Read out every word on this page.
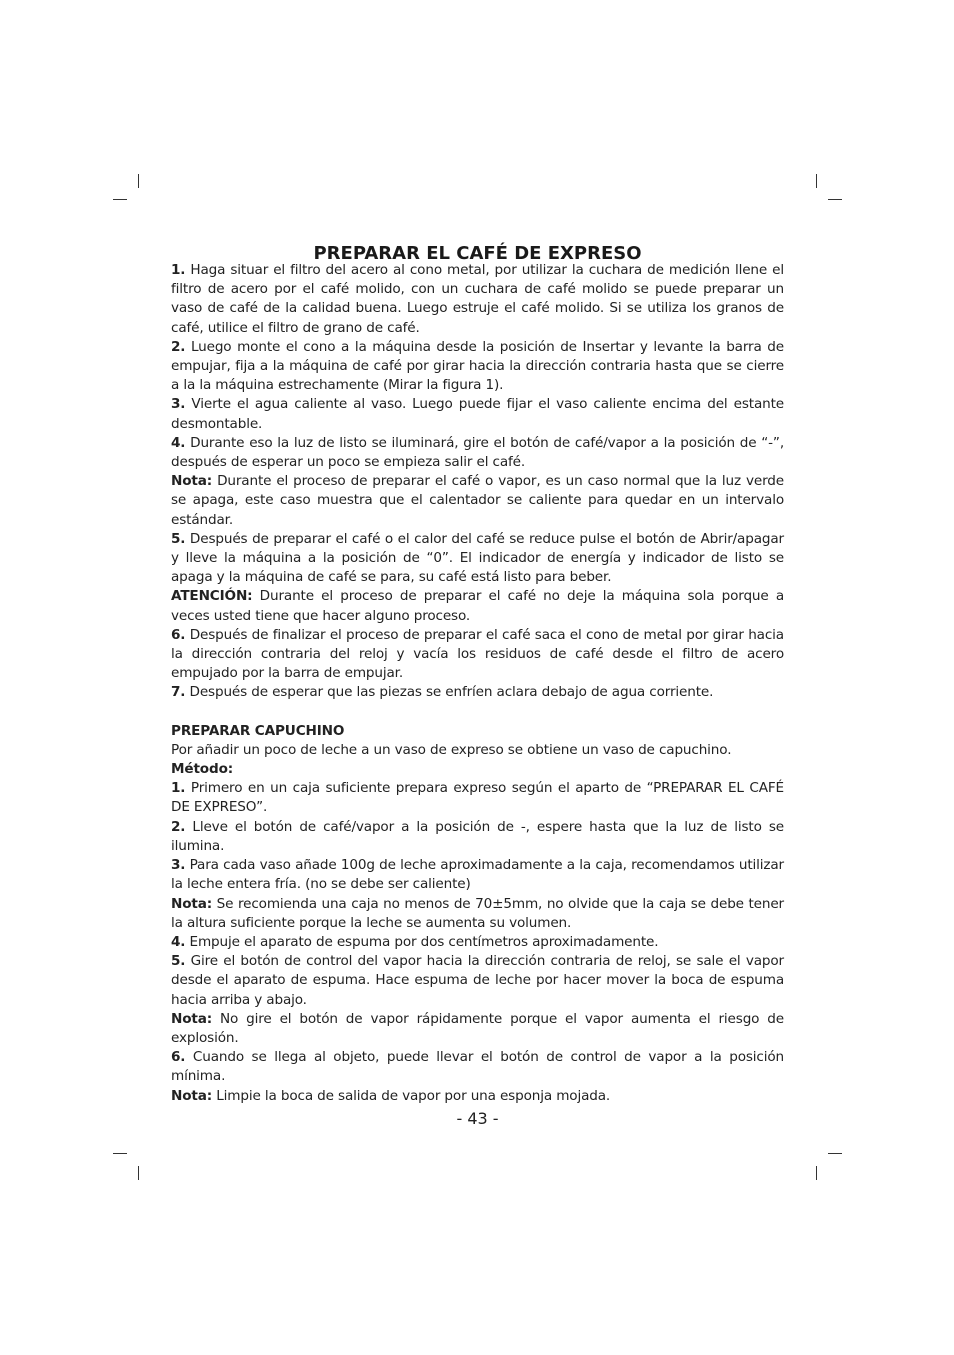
PREPARAR EL CAFÉ DE EXPRESO

1. Haga situar el filtro del acero al cono metal, por utilizar la cuchara de medición llene el filtro de acero por el café molido, con un cuchara de café molido se puede preparar un vaso de café de la calidad buena. Luego estruje el café molido. Si se utiliza los granos de café, utilice el filtro de grano de café.

2. Luego monte el cono a la máquina desde la posición de Insertar y levante la barra de empujar, fija a la máquina de café por girar hacia la dirección contraria hasta que se cierre a la la máquina estrechamente (Mirar la figura 1).

3. Vierte el agua caliente al vaso. Luego puede fijar el vaso caliente encima del estante desmontable.

4. Durante eso la luz de listo se iluminará, gire el botón de café/vapor a la posición de “-”, después de esperar un poco se empieza salir el café.

Nota: Durante el proceso de preparar el café o vapor, es un caso normal que la luz verde se apaga, este caso muestra que el calentador se caliente para quedar en un intervalo estándar.

5. Después de preparar el café o el calor del café se reduce pulse el botón de Abrir/apagar y lleve la máquina a la posición de “0”. El indicador de energía y indicador de listo se apaga y la máquina de café se para, su café está listo para beber.

ATENCIÓN: Durante el proceso de preparar el café no deje la máquina sola porque a veces usted tiene que hacer alguno proceso.

6. Después de finalizar el proceso de preparar el café saca el cono de metal por girar hacia la dirección contraria del reloj y vacía los residuos de café desde el filtro de acero empujado por la barra de empujar.

7. Después de esperar que las piezas se enfríen aclara debajo de agua corriente.

PREPARAR CAPUCHINO

Por añadir un poco de leche a un vaso de expreso se obtiene un vaso de capuchino.

Método:

1. Primero en un caja suficiente prepara expreso según el aparto de “PREPARAR EL CAFÉ DE EXPRESO”.

2. Lleve el botón de café/vapor a la posición de -, espere hasta que la luz de listo se ilumina.

3. Para cada vaso añade 100g de leche aproximadamente a la caja, recomendamos utilizar la leche entera fría. (no se debe ser caliente)

Nota: Se recomienda una caja no menos de 70±5mm, no olvide que la caja se debe tener la altura suficiente porque la leche se aumenta su volumen.

4. Empuje el aparato de espuma por dos centímetros aproximadamente.

5. Gire el botón de control del vapor hacia la dirección contraria de reloj, se sale el vapor desde el aparato de espuma. Hace espuma de leche por hacer mover la boca de espuma hacia arriba y abajo.

Nota: No gire el botón de vapor rápidamente porque el vapor aumenta el riesgo de explosión.

6. Cuando se llega al objeto, puede llevar el botón de control de vapor a la posición mínima.

Nota: Limpie la boca de salida de vapor por una esponja mojada.

- 43 -
